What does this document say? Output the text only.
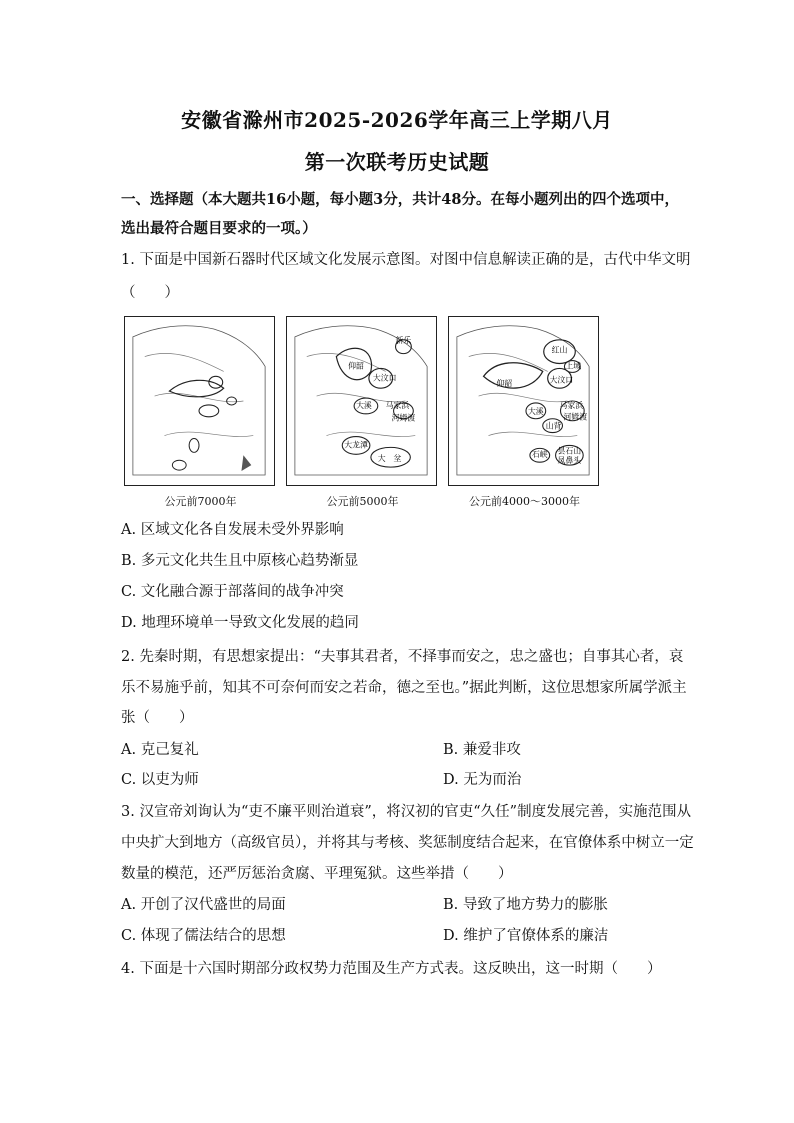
安徽省滁州市2025-2026学年高三上学期八月
第一次联考历史试题
一、选择题（本大题共16小题，每小题3分，共计48分。在每小题列出的四个选项中，
选出最符合题目要求的一项。）
1. 下面是中国新石器时代区域文化发展示意图。对图中信息解读正确的是，古代中华文明
（　　）
公元前7000年
新乐
仰韶
大汶口
大溪 马家浜
河姆渡
大龙潭
大　坌
公元前5000年
红山
上域
仰韶	大汶口
大溪
马家浜
河姆渡
山背
石峡 昙石山
凤鼻头
公元前4000～3000年
A. 区域文化各自发展未受外界影响
B. 多元文化共生且中原核心趋势渐显
C. 文化融合源于部落间的战争冲突
D. 地理环境单一导致文化发展的趋同
2. 先秦时期，有思想家提出：“夫事其君者，不择事而安之，忠之盛也；自事其心者，哀
乐不易施乎前，知其不可奈何而安之若命，德之至也。”据此判断，这位思想家所属学派主
张（　　）
A. 克己复礼	B. 兼爱非攻
C. 以吏为师	D. 无为而治
3. 汉宣帝刘询认为“吏不廉平则治道衰”，将汉初的官吏“久任”制度发展完善，实施范围从
中央扩大到地方（高级官员），并将其与考核、奖惩制度结合起来，在官僚体系中树立一定
数量的模范，还严厉惩治贪腐、平理冤狱。这些举措（　　）
A. 开创了汉代盛世的局面	B. 导致了地方势力的膨胀
C. 体现了儒法结合的思想	D. 维护了官僚体系的廉洁
4. 下面是十六国时期部分政权势力范围及生产方式表。这反映出，这一时期（　　）
